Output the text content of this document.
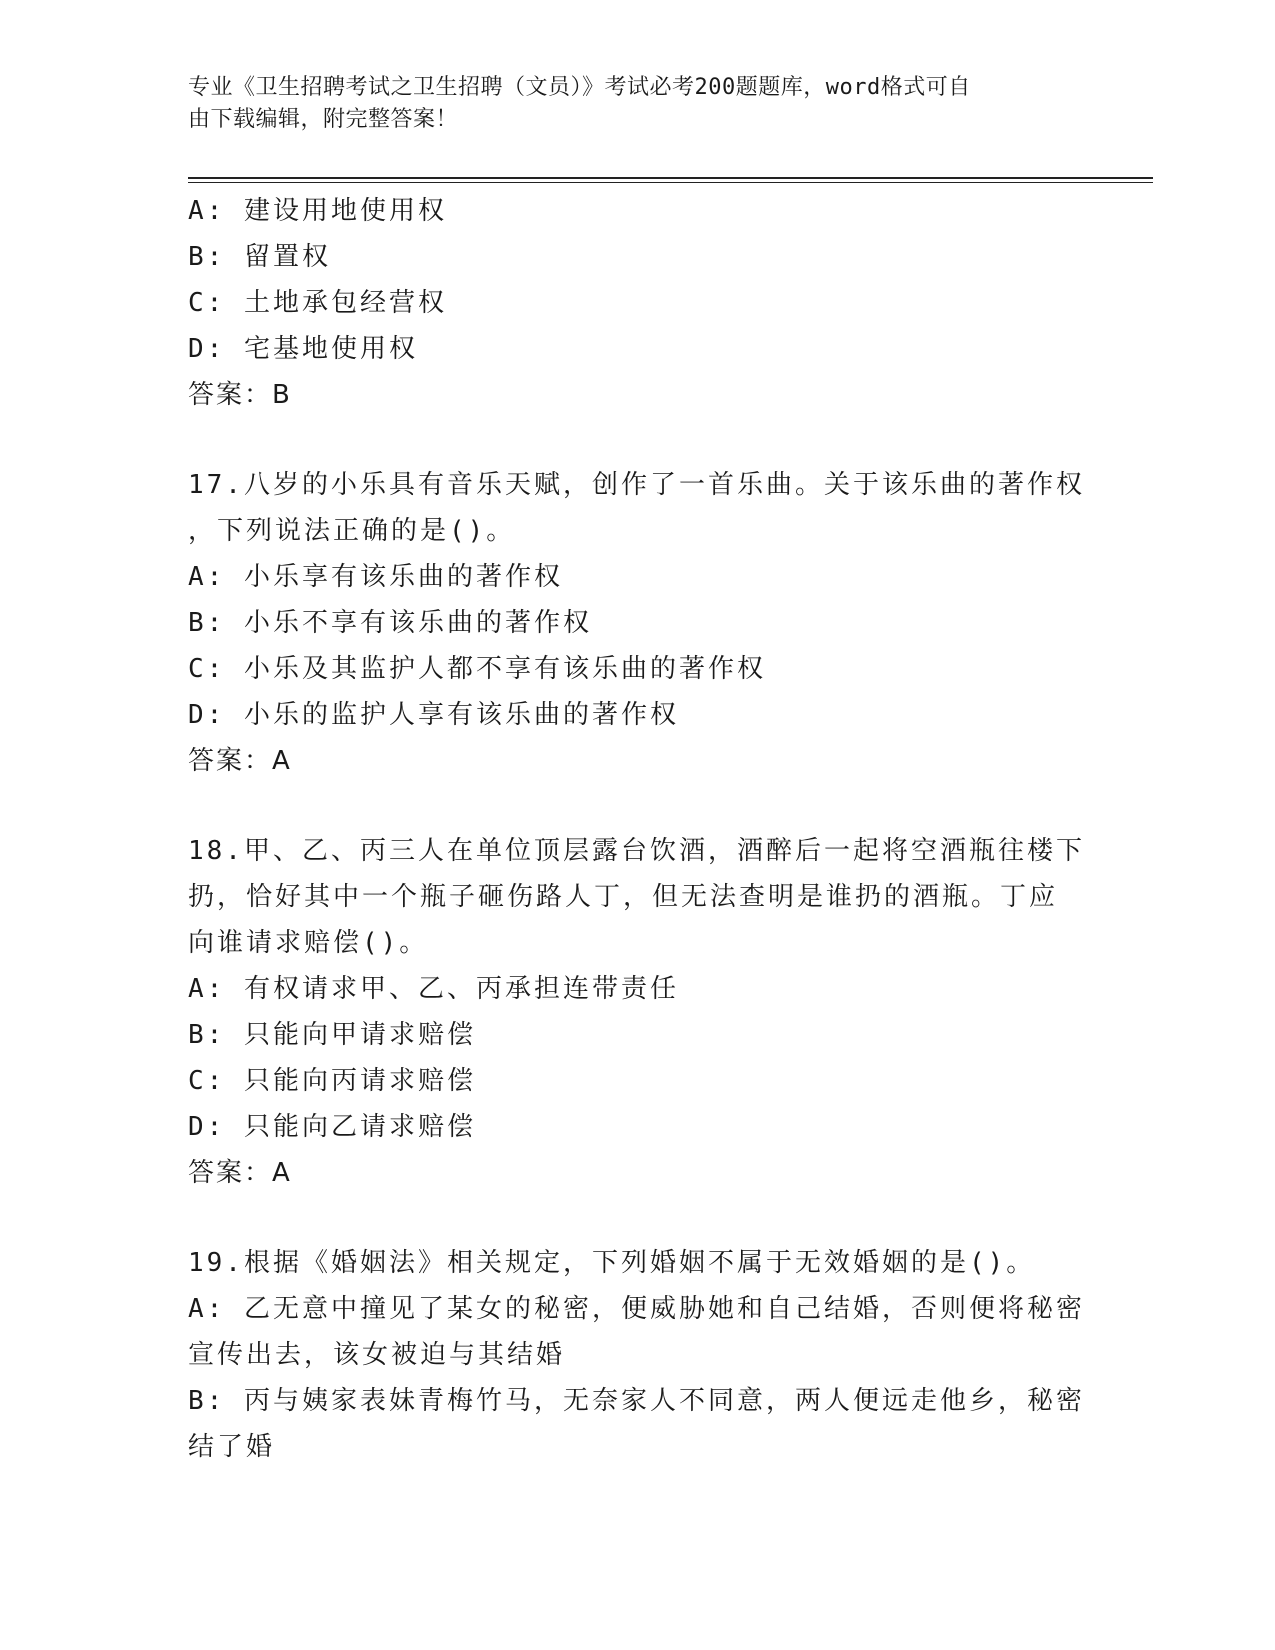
专业《卫生招聘考试之卫生招聘（文员）》考试必考200题题库，word格式可自
由下载编辑，附完整答案！
A: 建设用地使用权
B: 留置权
C: 土地承包经营权
D: 宅基地使用权
答案：B
17.八岁的小乐具有音乐天赋，创作了一首乐曲。关于该乐曲的著作权
，下列说法正确的是()。
A: 小乐享有该乐曲的著作权
B: 小乐不享有该乐曲的著作权
C: 小乐及其监护人都不享有该乐曲的著作权
D: 小乐的监护人享有该乐曲的著作权
答案：A
18.甲、乙、丙三人在单位顶层露台饮酒，酒醉后一起将空酒瓶往楼下
扔，恰好其中一个瓶子砸伤路人丁，但无法查明是谁扔的酒瓶。丁应
向谁请求赔偿()。
A: 有权请求甲、乙、丙承担连带责任
B: 只能向甲请求赔偿
C: 只能向丙请求赔偿
D: 只能向乙请求赔偿
答案：A
19.根据《婚姻法》相关规定，下列婚姻不属于无效婚姻的是()。
A: 乙无意中撞见了某女的秘密，便威胁她和自己结婚，否则便将秘密
宣传出去，该女被迫与其结婚
B: 丙与姨家表妹青梅竹马，无奈家人不同意，两人便远走他乡，秘密
结了婚
